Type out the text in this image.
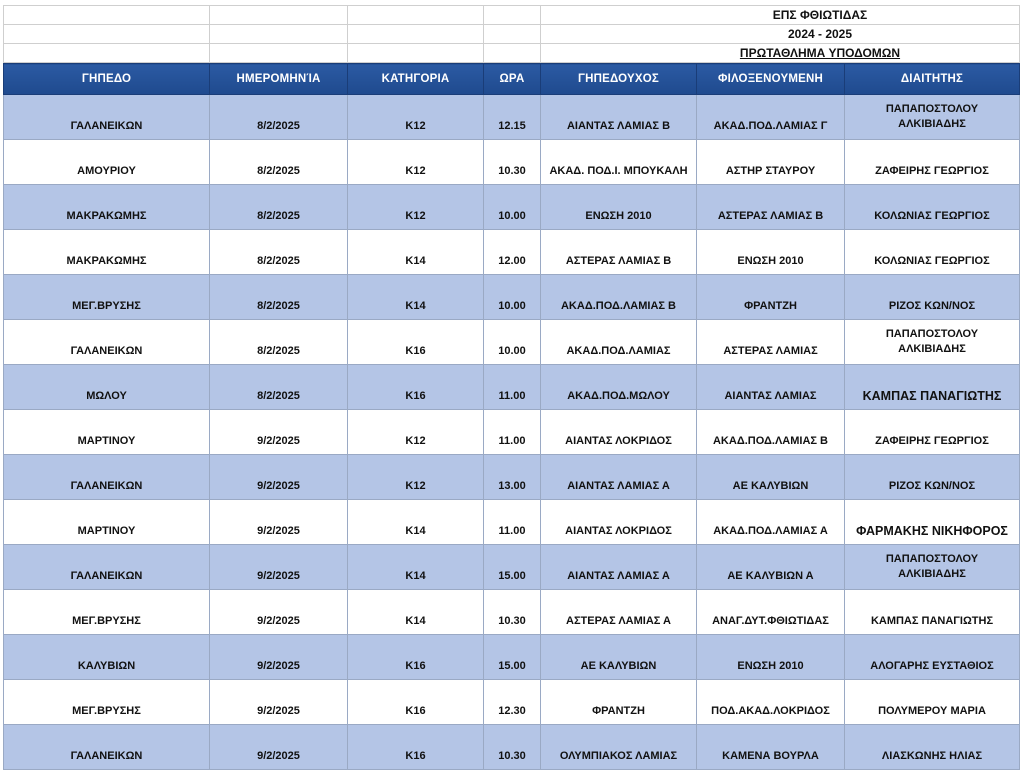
				ΕΠΣ ΦΘΙΩΤΙΔΑΣ
				2024 - 2025
				ΠΡΩΤΑΘΛΗΜΑ ΥΠΟΔΟΜΩΝ
ΓΗΠΕΔΟ	ΗΜΕΡΟΜΗΝΊΑ	ΚΑΤΗΓΟΡΙΑ	ΩΡΑ	ΓΗΠΕΔΟΥΧΟΣ	ΦΙΛΟΞΕΝΟΥΜΕΝΗ	ΔΙΑΙΤΗΤΗΣ
ΓΑΛΑΝΕΙΚΩΝ	8/2/2025	Κ12	12.15	ΑΙΑΝΤΑΣ ΛΑΜΙΑΣ Β	ΑΚΑΔ.ΠΟΔ.ΛΑΜΙΑΣ Γ	ΠΑΠΑΠΟΣΤΟΛΟΥ
ΑΛΚΙΒΙΑΔΗΣ

ΑΜΟΥΡΙΟΥ	8/2/2025	Κ12	10.30	ΑΚΑΔ. ΠΟΔ.Ι. ΜΠΟΥΚΑΛΗ	ΑΣΤΗΡ ΣΤΑΥΡΟΥ	ΖΑΦΕΙΡΗΣ ΓΕΩΡΓΙΟΣ
ΜΑΚΡΑΚΩΜΗΣ	8/2/2025	Κ12	10.00	ΕΝΩΣΗ 2010	ΑΣΤΕΡΑΣ ΛΑΜΙΑΣ Β	ΚΟΛΩΝΙΑΣ ΓΕΩΡΓΙΟΣ
ΜΑΚΡΑΚΩΜΗΣ	8/2/2025	Κ14	12.00	ΑΣΤΕΡΑΣ ΛΑΜΙΑΣ Β	ΕΝΩΣΗ 2010	ΚΟΛΩΝΙΑΣ ΓΕΩΡΓΙΟΣ
ΜΕΓ.ΒΡΥΣΗΣ	8/2/2025	Κ14	10.00	ΑΚΑΔ.ΠΟΔ.ΛΑΜΙΑΣ Β	ΦΡΑΝΤΖΗ	ΡΙΖΟΣ ΚΩΝ/ΝΟΣ
ΓΑΛΑΝΕΙΚΩΝ	8/2/2025	Κ16	10.00	ΑΚΑΔ.ΠΟΔ.ΛΑΜΙΑΣ	ΑΣΤΕΡΑΣ ΛΑΜΙΑΣ	ΠΑΠΑΠΟΣΤΟΛΟΥ
ΑΛΚΙΒΙΑΔΗΣ

ΜΩΛΟΥ	8/2/2025	Κ16	11.00	ΑΚΑΔ.ΠΟΔ.ΜΩΛΟΥ	ΑΙΑΝΤΑΣ ΛΑΜΙΑΣ	ΚΑΜΠΑΣ ΠΑΝΑΓΙΩΤΗΣ
ΜΑΡΤΙΝΟΥ	9/2/2025	Κ12	11.00	ΑΙΑΝΤΑΣ ΛΟΚΡΙΔΟΣ	ΑΚΑΔ.ΠΟΔ.ΛΑΜΙΑΣ Β	ΖΑΦΕΙΡΗΣ ΓΕΩΡΓΙΟΣ
ΓΑΛΑΝΕΙΚΩΝ	9/2/2025	Κ12	13.00	ΑΙΑΝΤΑΣ ΛΑΜΙΑΣ Α	ΑΕ ΚΑΛΥΒΙΩΝ	ΡΙΖΟΣ ΚΩΝ/ΝΟΣ
ΜΑΡΤΙΝΟΥ	9/2/2025	Κ14	11.00	ΑΙΑΝΤΑΣ ΛΟΚΡΙΔΟΣ	ΑΚΑΔ.ΠΟΔ.ΛΑΜΙΑΣ Α	ΦΑΡΜΑΚΗΣ ΝΙΚΗΦΟΡΟΣ
ΓΑΛΑΝΕΙΚΩΝ	9/2/2025	Κ14	15.00	ΑΙΑΝΤΑΣ ΛΑΜΙΑΣ Α	ΑΕ ΚΑΛΥΒΙΩΝ Α	ΠΑΠΑΠΟΣΤΟΛΟΥ
ΑΛΚΙΒΙΑΔΗΣ

ΜΕΓ.ΒΡΥΣΗΣ	9/2/2025	Κ14	10.30	ΑΣΤΕΡΑΣ ΛΑΜΙΑΣ Α	ΑΝΑΓ.ΔΥΤ.ΦΘΙΩΤΙΔΑΣ	ΚΑΜΠΑΣ ΠΑΝΑΓΙΩΤΗΣ
ΚΑΛΥΒΙΩΝ	9/2/2025	Κ16	15.00	ΑΕ ΚΑΛΥΒΙΩΝ	ΕΝΩΣΗ 2010	ΑΛΟΓΑΡΗΣ ΕΥΣΤΑΘΙΟΣ
ΜΕΓ.ΒΡΥΣΗΣ	9/2/2025	Κ16	12.30	ΦΡΑΝΤΖΗ	ΠΟΔ.ΑΚΑΔ.ΛΟΚΡΙΔΟΣ	ΠΟΛΥΜΕΡΟΥ ΜΑΡΙΑ
ΓΑΛΑΝΕΙΚΩΝ	9/2/2025	Κ16	10.30	ΟΛΥΜΠΙΑΚΟΣ ΛΑΜΙΑΣ	ΚΑΜΕΝΑ ΒΟΥΡΛΑ	ΛΙΑΣΚΩΝΗΣ ΗΛΙΑΣ
